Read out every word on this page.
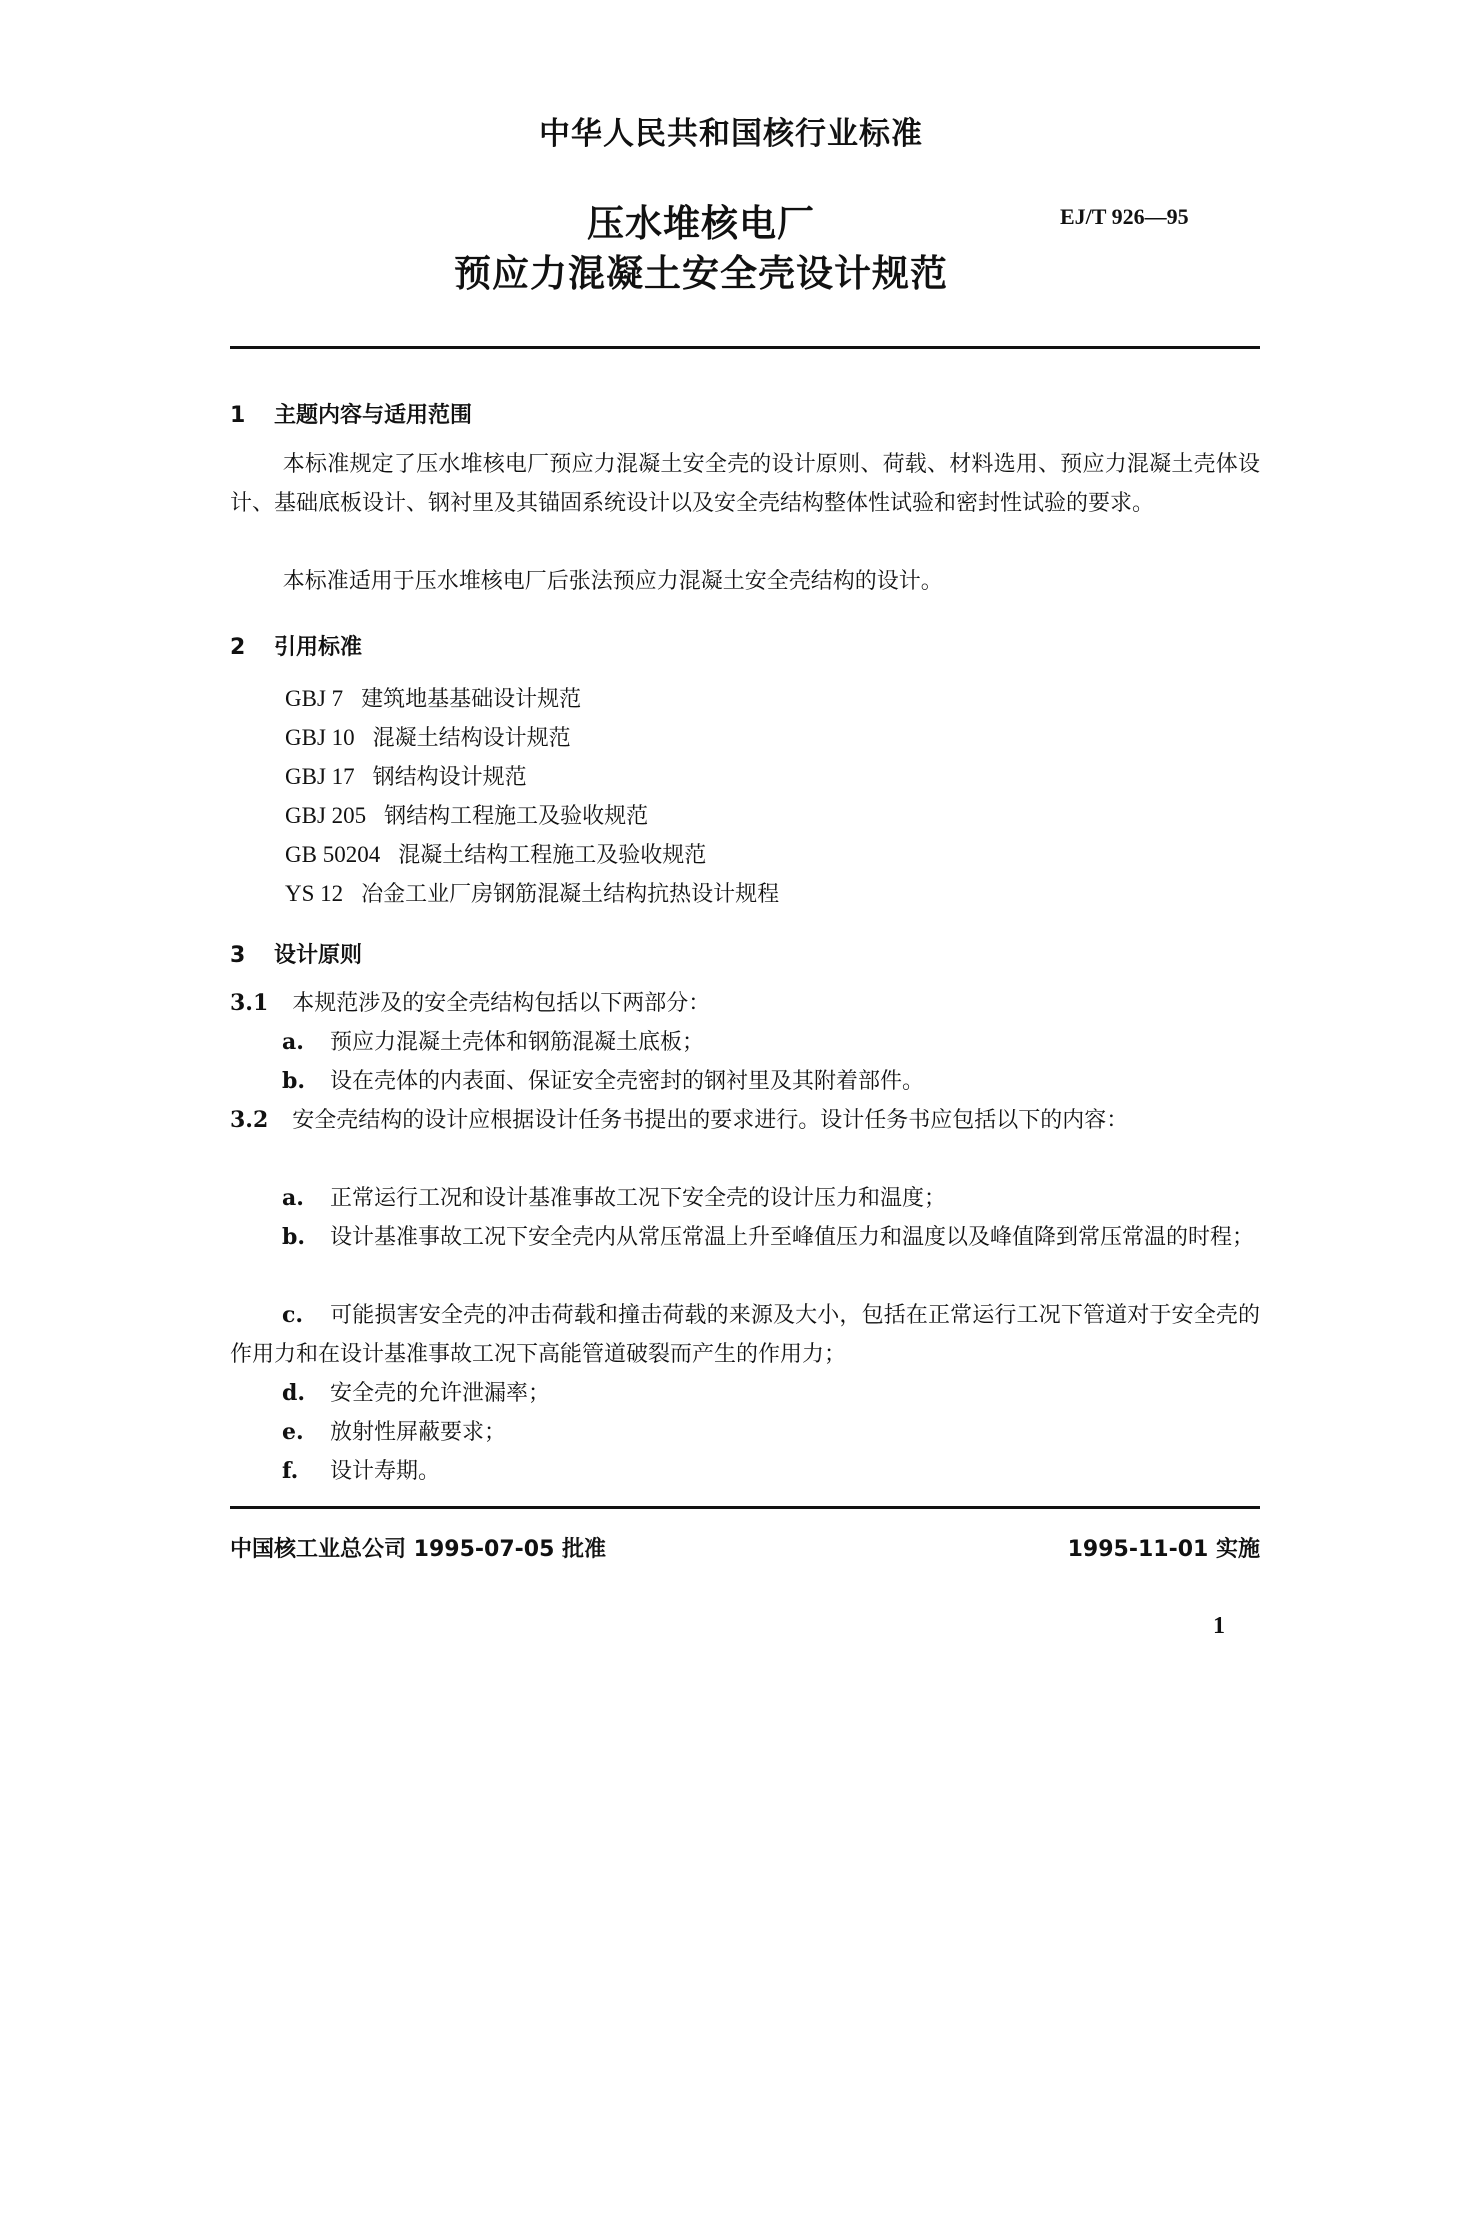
中华人民共和国核行业标准
压水堆核电厂
预应力混凝土安全壳设计规范
EJ/T 926—95
1 主题内容与适用范围
本标准规定了压水堆核电厂预应力混凝土安全壳的设计原则、荷载、材料选用、预应力混凝土壳体设计、基础底板设计、钢衬里及其锚固系统设计以及安全壳结构整体性试验和密封性试验的要求。
本标准适用于压水堆核电厂后张法预应力混凝土安全壳结构的设计。
2 引用标准
GBJ 7 建筑地基基础设计规范
GBJ 10 混凝土结构设计规范
GBJ 17 钢结构设计规范
GBJ 205 钢结构工程施工及验收规范
GB 50204 混凝土结构工程施工及验收规范
YS 12 冶金工业厂房钢筋混凝土结构抗热设计规程
3 设计原则
3.1 本规范涉及的安全壳结构包括以下两部分：
a. 预应力混凝土壳体和钢筋混凝土底板；
b. 设在壳体的内表面、保证安全壳密封的钢衬里及其附着部件。
3.2 安全壳结构的设计应根据设计任务书提出的要求进行。设计任务书应包括以下的内容：
a. 正常运行工况和设计基准事故工况下安全壳的设计压力和温度；
b. 设计基准事故工况下安全壳内从常压常温上升至峰值压力和温度以及峰值降到常压常温的时程；
c. 可能损害安全壳的冲击荷载和撞击荷载的来源及大小，包括在正常运行工况下管道对于安全壳的作用力和在设计基准事故工况下高能管道破裂而产生的作用力；
d. 安全壳的允许泄漏率；
e. 放射性屏蔽要求；
f. 设计寿期。
中国核工业总公司 1995-07-05 批准	1995-11-01 实施
1
